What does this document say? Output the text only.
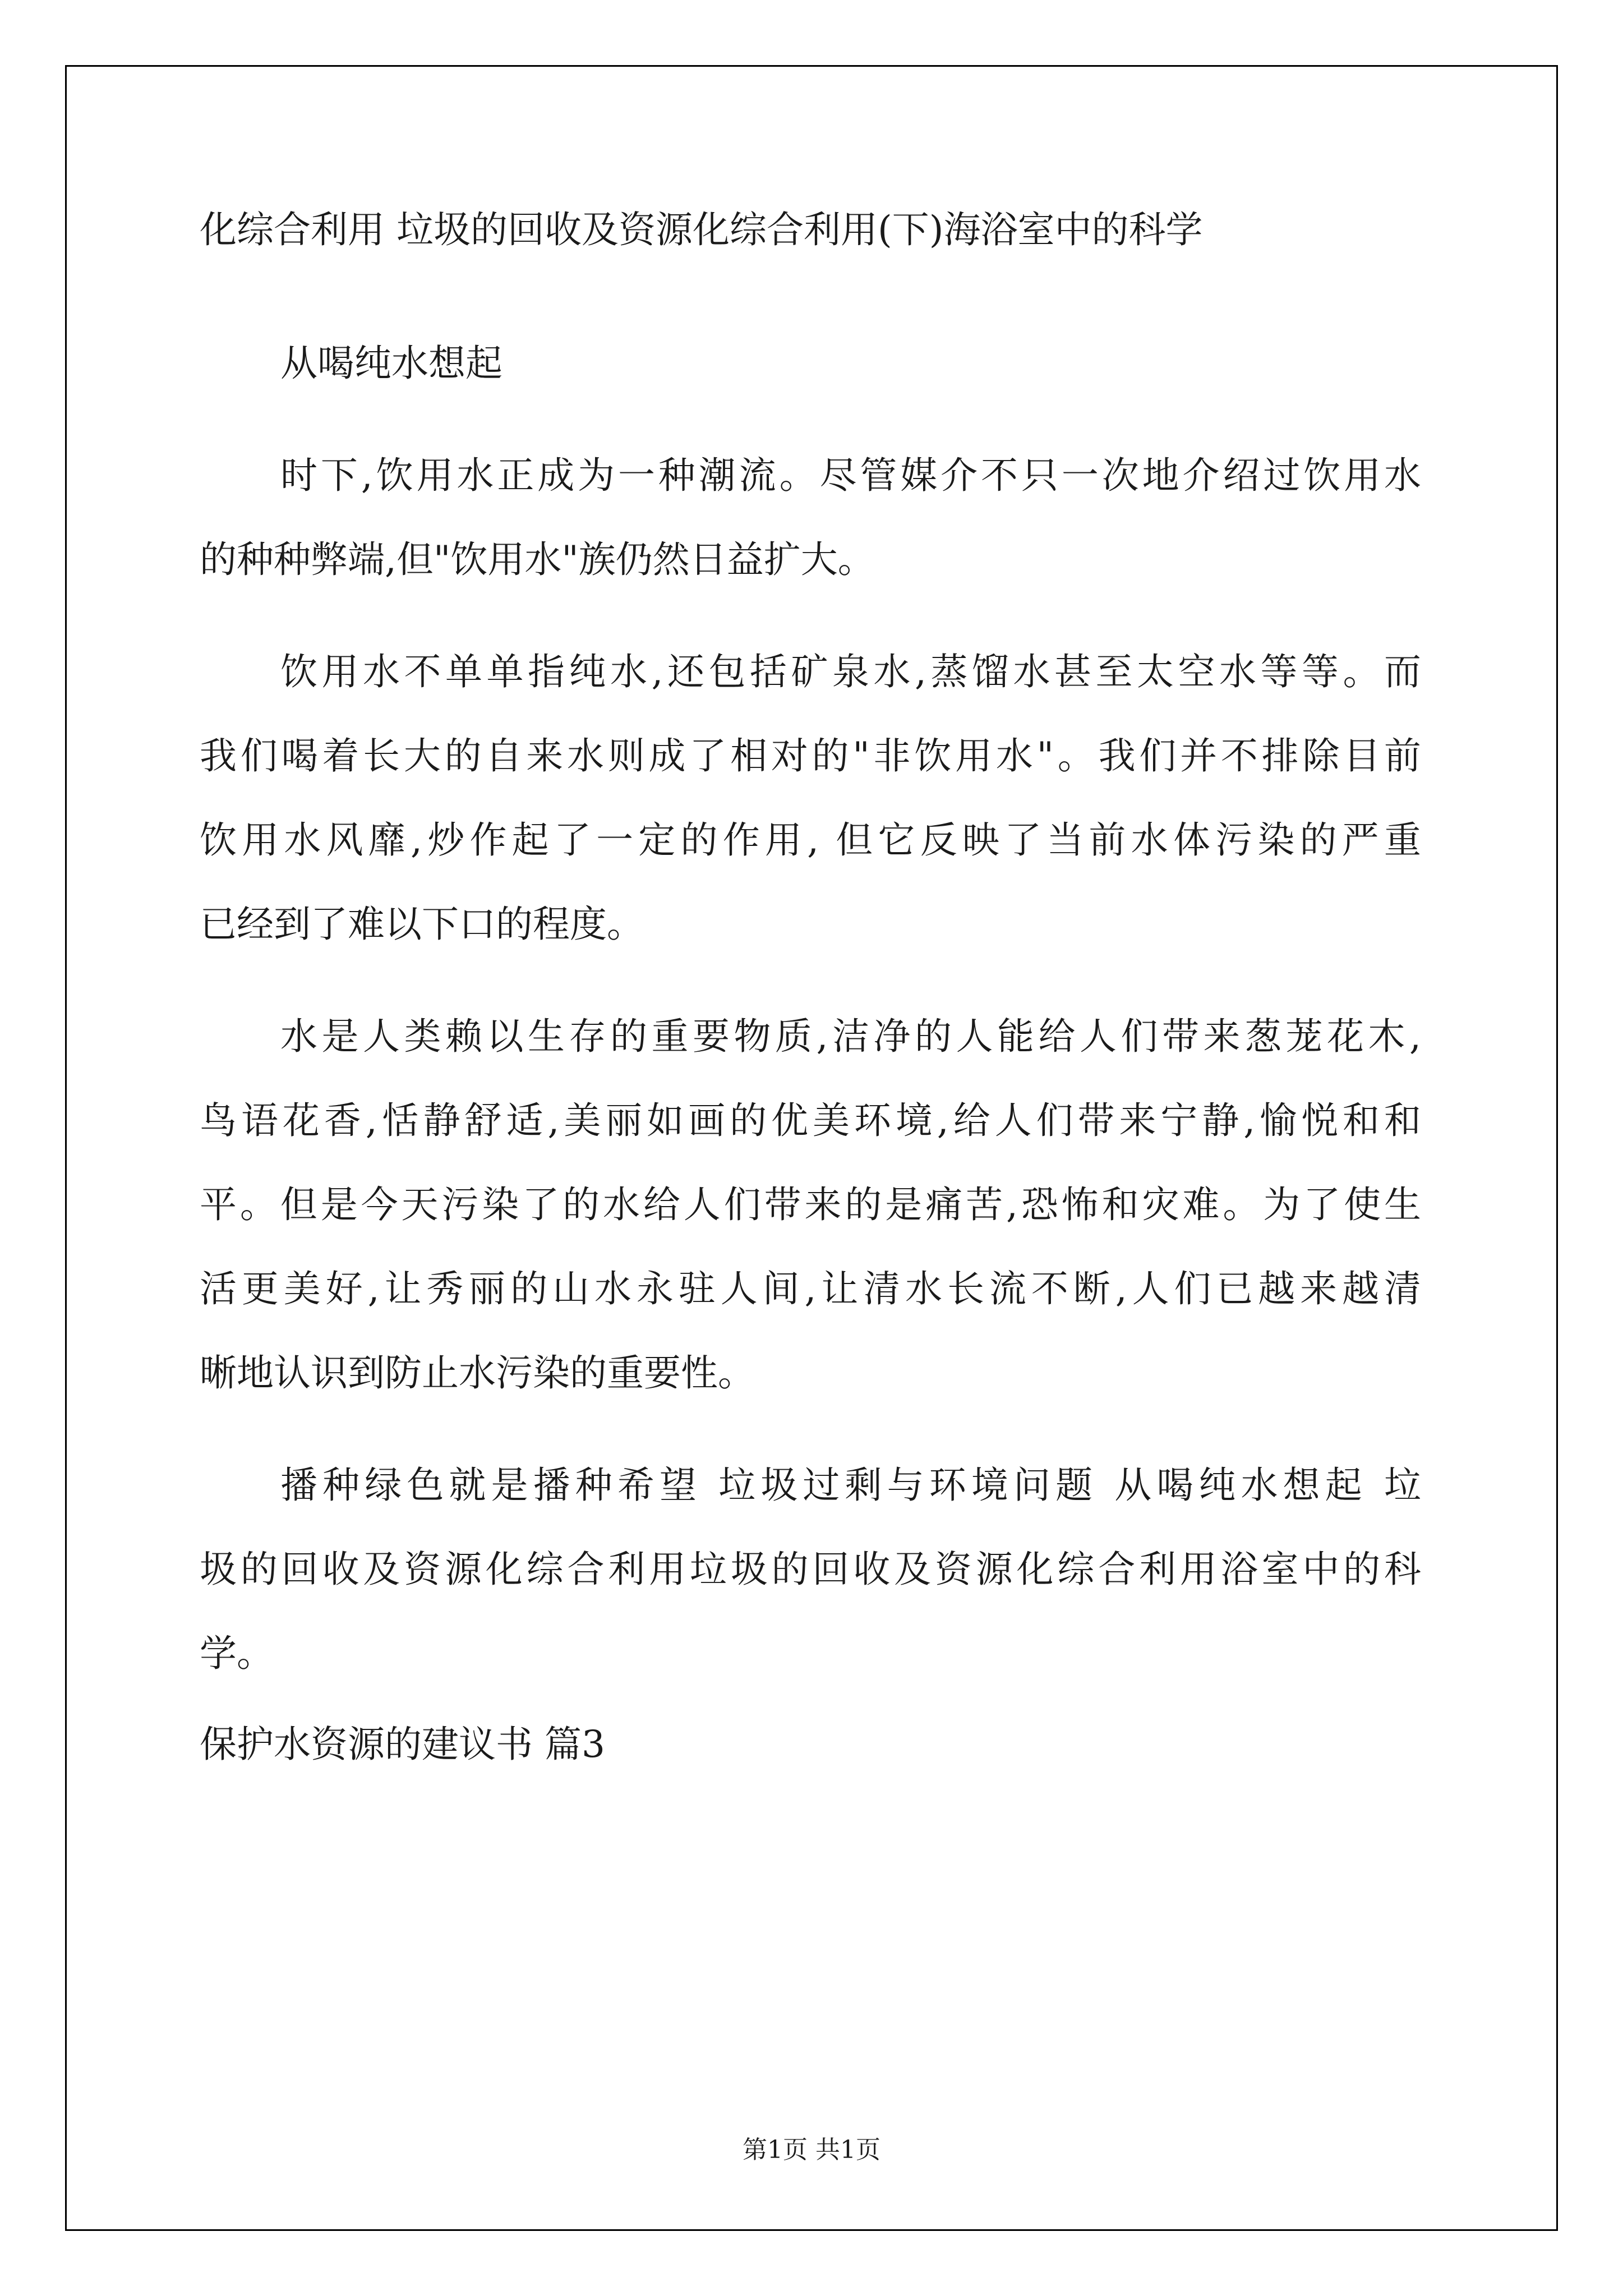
化综合利用 垃圾的回收及资源化综合利用(下)海浴室中的科学
从喝纯水想起
时下,饮用水正成为一种潮流。尽管媒介不只一次地介绍过饮用水
的种种弊端,但"饮用水"族仍然日益扩大。
饮用水不单单指纯水,还包括矿泉水,蒸馏水甚至太空水等等。而
我们喝着长大的自来水则成了相对的"非饮用水"。我们并不排除目前
饮用水风靡,炒作起了一定的作用, 但它反映了当前水体污染的严重
已经到了难以下口的程度。
水是人类赖以生存的重要物质,洁净的人能给人们带来葱茏花木,
鸟语花香,恬静舒适,美丽如画的优美环境,给人们带来宁静,愉悦和和
平。但是今天污染了的水给人们带来的是痛苦,恐怖和灾难。为了使生
活更美好,让秀丽的山水永驻人间,让清水长流不断,人们已越来越清
晰地认识到防止水污染的重要性。
播种绿色就是播种希望 垃圾过剩与环境问题 从喝纯水想起 垃
圾的回收及资源化综合利用垃圾的回收及资源化综合利用浴室中的科
学。
保护水资源的建议书 篇3
第1页 共1页
